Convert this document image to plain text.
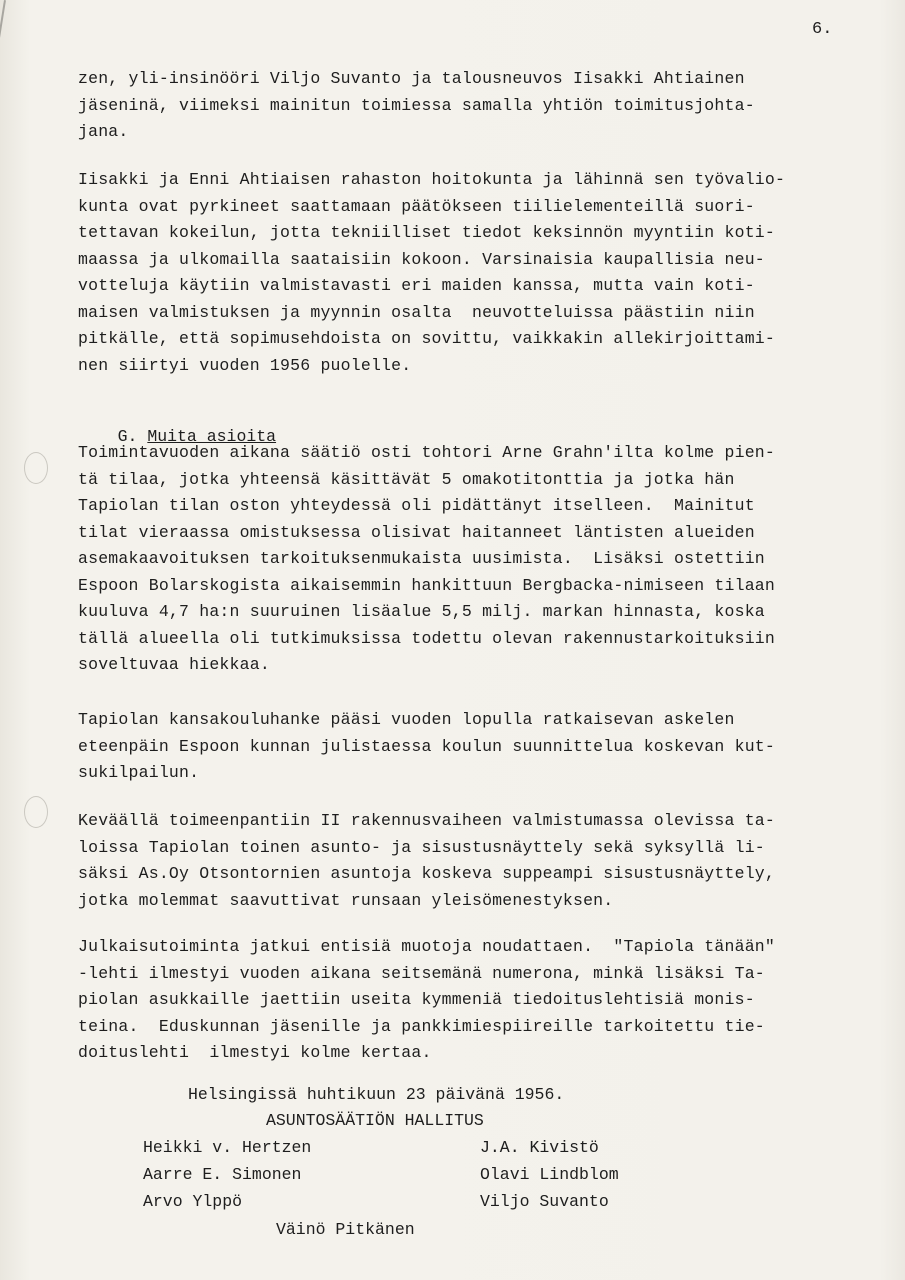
6.
zen, yli-insinööri Viljo Suvanto ja talousneuvos Iisakki Ahtiainen
jäseninä, viimeksi mainitun toimiessa samalla yhtiön toimitusjohta-
jana.
Iisakki ja Enni Ahtiaisen rahaston hoitokunta ja lähinnä sen työvalio-
kunta ovat pyrkineet saattamaan päätökseen tiilielementeillä suori-
tettavan kokeilun, jotta tekniilliset tiedot keksinnön myyntiin koti-
maassa ja ulkomailla saataisiin kokoon. Varsinaisia kaupallisia neu-
votteluja käytiin valmistavasti eri maiden kanssa, mutta vain koti-
maisen valmistuksen ja myynnin osalta  neuvotteluissa päästiin niin
pitkälle, että sopimusehdoista on sovittu, vaikkakin allekirjoittami-
nen siirtyi vuoden 1956 puolelle.

G. Muita asioita

Toimintavuoden aikana säätiö osti tohtori Arne Grahn'ilta kolme pien-
tä tilaa, jotka yhteensä käsittävät 5 omakotitonttia ja jotka hän
Tapiolan tilan oston yhteydessä oli pidättänyt itselleen.  Mainitut
tilat vieraassa omistuksessa olisivat haitanneet läntisten alueiden
asemakaavoituksen tarkoituksenmukaista uusimista.  Lisäksi ostettiin
Espoon Bolarskogista aikaisemmin hankittuun Bergbacka-nimiseen tilaan
kuuluva 4,7 ha:n suuruinen lisäalue 5,5 milj. markan hinnasta, koska
tällä alueella oli tutkimuksissa todettu olevan rakennustarkoituksiin
soveltuvaa hiekkaa.
Tapiolan kansakouluhanke pääsi vuoden lopulla ratkaisevan askelen
eteenpäin Espoon kunnan julistaessa koulun suunnittelua koskevan kut-
sukilpailun.
Keväällä toimeenpantiin II rakennusvaiheen valmistumassa olevissa ta-
loissa Tapiolan toinen asunto- ja sisustusnäyttely sekä syksyllä li-
säksi As.Oy Otsontornien asuntoja koskeva suppeampi sisustusnäyttely,
jotka molemmat saavuttivat runsaan yleisömenestyksen.
Julkaisutoiminta jatkui entisiä muotoja noudattaen.  "Tapiola tänään"
-lehti ilmestyi vuoden aikana seitsemänä numerona, minkä lisäksi Ta-
piolan asukkaille jaettiin useita kymmeniä tiedoituslehtisiä monis-
teina.  Eduskunnan jäsenille ja pankkimiespiireille tarkoitettu tie-
doituslehti  ilmestyi kolme kertaa.
Helsingissä huhtikuun 23 päivänä 1956.
ASUNTOSÄÄTIÖN HALLITUS
Heikki v. Hertzen
Aarre E. Simonen
Arvo Ylppö
J.A. Kivistö
Olavi Lindblom
Viljo Suvanto
Väinö Pitkänen
